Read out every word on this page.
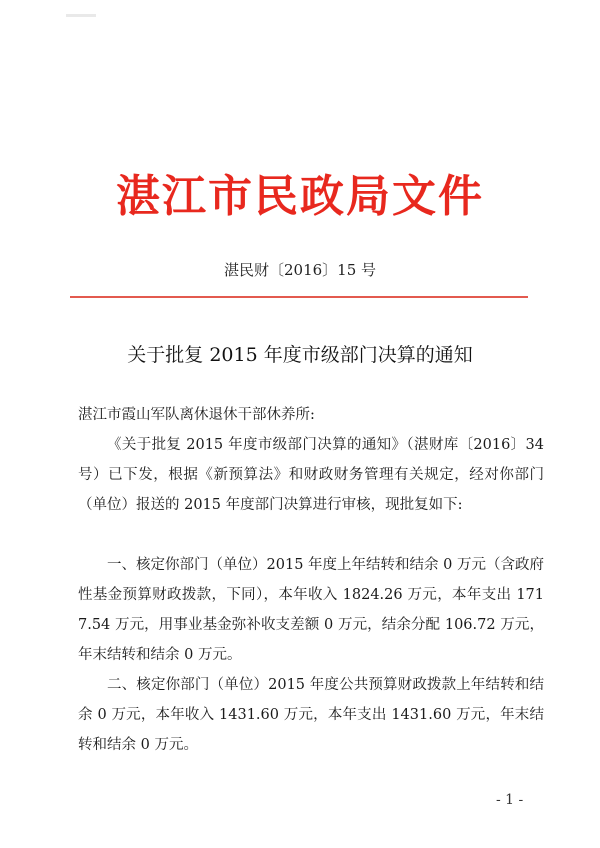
湛江市民政局文件
湛民财〔2016〕15 号
关于批复 2015 年度市级部门决算的通知
湛江市霞山军队离休退休干部休养所:

《关于批复 2015 年度市级部门决算的通知》（湛财库〔2016〕34 号）已下发，根据《新预算法》和财政财务管理有关规定，经对你部门（单位）报送的 2015 年度部门决算进行审核，现批复如下:

一、核定你部门（单位）2015 年度上年结转和结余 0 万元（含政府性基金预算财政拨款，下同），本年收入 1824.26 万元，本年支出 1717.54 万元，用事业基金弥补收支差额 0 万元，结余分配 106.72 万元，年末结转和结余 0 万元。

二、核定你部门（单位）2015 年度公共预算财政拨款上年结转和结余 0 万元，本年收入 1431.60 万元，本年支出 1431.60 万元，年末结转和结余 0 万元。

- 1 -
